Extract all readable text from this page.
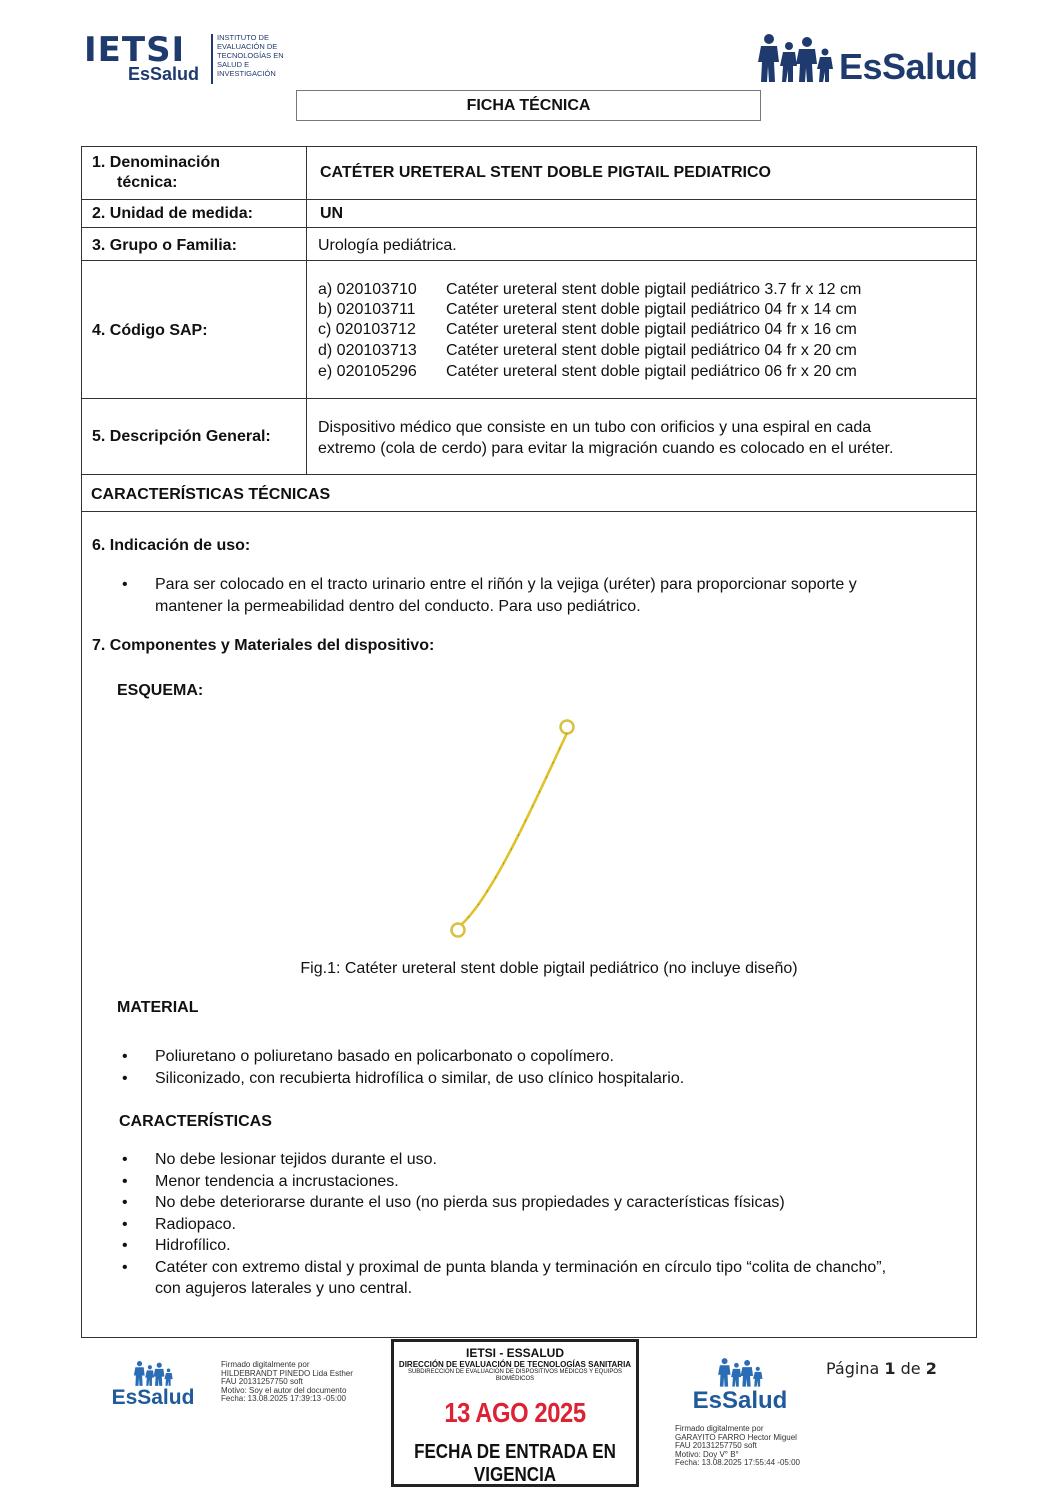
IETSI
EsSalud
INSTITUTO DE EVALUACIÓN DE TECNOLOGÍAS EN SALUD E INVESTIGACIÓN	EsSalud
FICHA TÉCNICA
1. Denominación
técnica:
CATÉTER URETERAL STENT DOBLE PIGTAIL PEDIATRICO
2. Unidad de medida:	UN
3. Grupo o Familia:	Urología pediátrica.
4. Código SAP:
a) 020103710 Catéter ureteral stent doble pigtail pediátrico 3.7 fr x 12 cm
b) 020103711 Catéter ureteral stent doble pigtail pediátrico 04 fr x 14 cm
c) 020103712 Catéter ureteral stent doble pigtail pediátrico 04 fr x 16 cm
d) 020103713 Catéter ureteral stent doble pigtail pediátrico 04 fr x 20 cm
e) 020105296 Catéter ureteral stent doble pigtail pediátrico 06 fr x 20 cm
5. Descripción General:
Dispositivo médico que consiste en un tubo con orificios y una espiral en cada
extremo (cola de cerdo) para evitar la migración cuando es colocado en el uréter.
CARACTERÍSTICAS TÉCNICAS
6. Indicación de uso:
• Para ser colocado en el tracto urinario entre el riñón y la vejiga (uréter) para proporcionar soporte y
mantener la permeabilidad dentro del conducto. Para uso pediátrico.
7. Componentes y Materiales del dispositivo:
ESQUEMA:
Fig.1: Catéter ureteral stent doble pigtail pediátrico (no incluye diseño)
MATERIAL
• Poliuretano o poliuretano basado en policarbonato o copolímero.
• Siliconizado, con recubierta hidrofílica o similar, de uso clínico hospitalario.
CARACTERÍSTICAS
• No debe lesionar tejidos durante el uso.
• Menor tendencia a incrustaciones.
• No debe deteriorarse durante el uso (no pierda sus propiedades y características físicas)
• Radiopaco.
• Hidrofílico.
• Catéter con extremo distal y proximal de punta blanda y terminación en círculo tipo “colita de chancho”,
con agujeros laterales y uno central.
EsSalud
Firmado digitalmente por
HILDEBRANDT PINEDO Lida Esther
FAU 20131257750 soft
Motivo: Soy el autor del documento
Fecha: 13.08.2025 17:39:13 -05:00
IETSI - ESSALUD
DIRECCIÓN DE EVALUACIÓN DE TECNOLOGÍAS SANITARIA
SUBDIRECCIÓN DE EVALUACIÓN DE DISPOSITIVOS MÉDICOS Y EQUIPOS BIOMÉDICOS
13 AGO 2025
FECHA DE ENTRADA EN VIGENCIA
EsSalud
Firmado digitalmente por
GARAYITO FARRO Hector Miguel
FAU 20131257750 soft
Motivo: Doy V° B°
Fecha: 13.08.2025 17:55:44 -05:00
Página 1 de 2
